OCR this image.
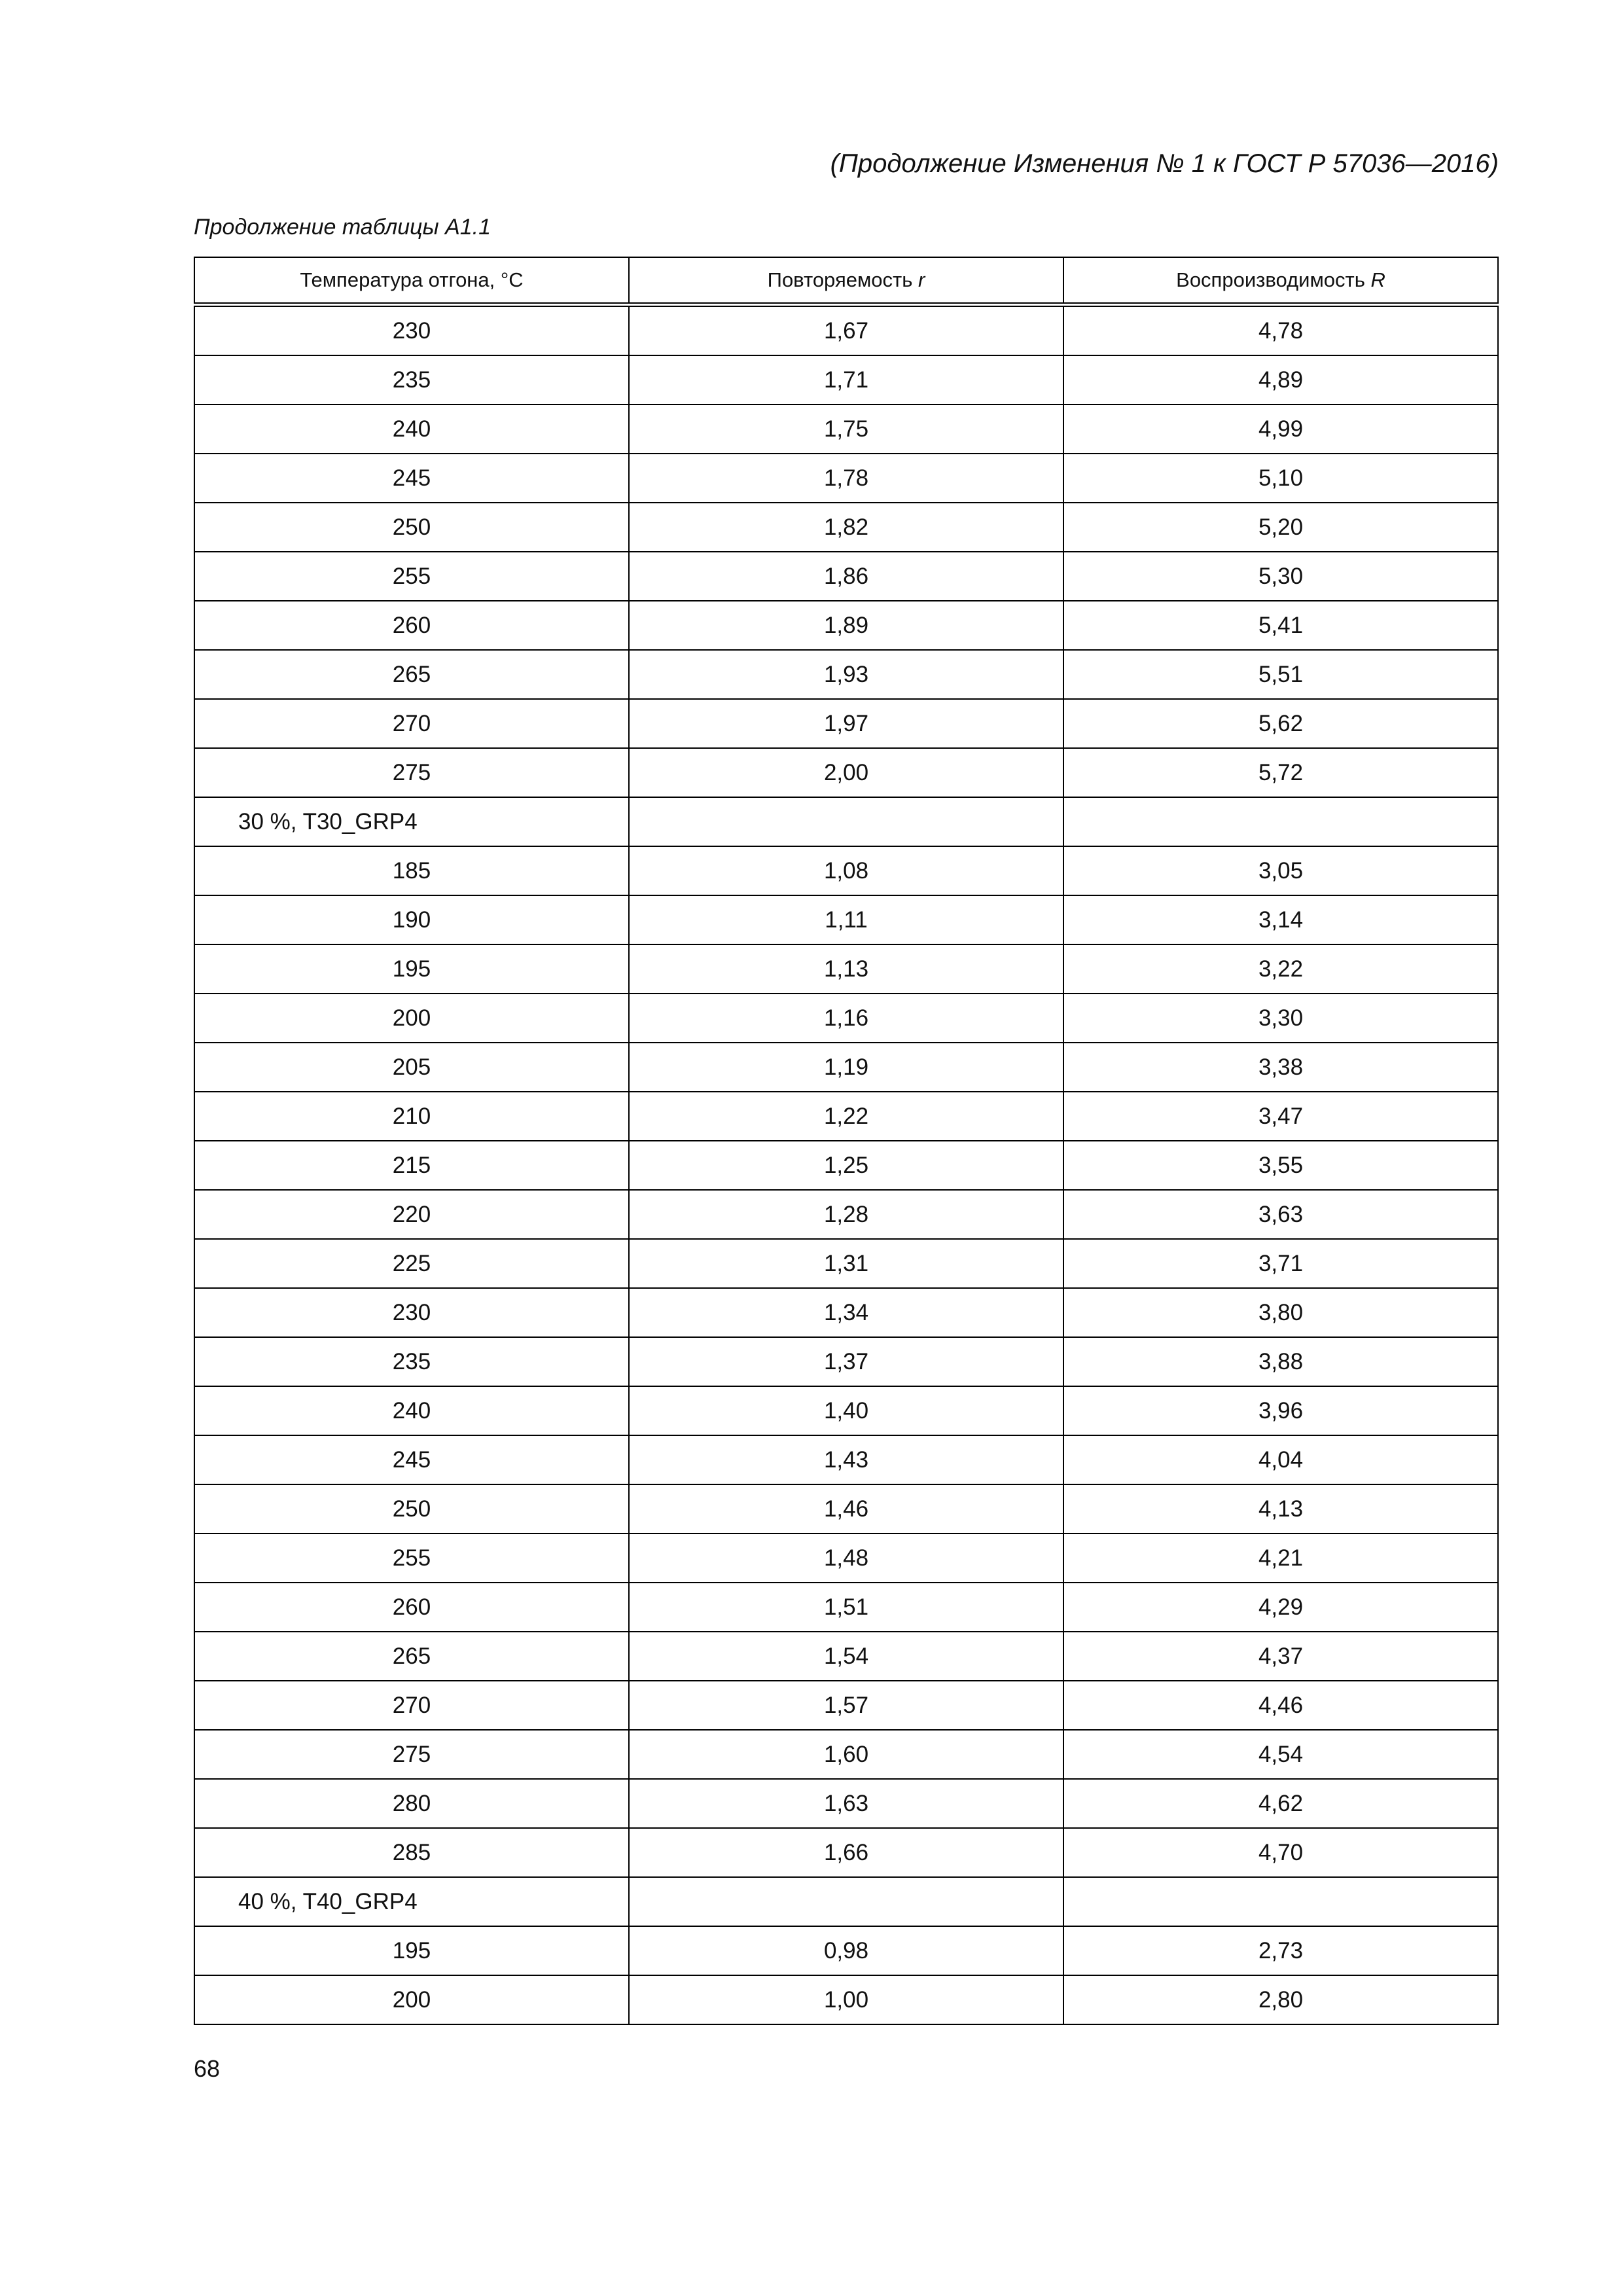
(Продолжение Изменения № 1 к ГОСТ Р 57036—2016)
Продолжение таблицы А1.1
Температура отгона, °С	Повторяемость r	Воспроизводимость R
230	1,67	4,78
235	1,71	4,89
240	1,75	4,99
245	1,78	5,10
250	1,82	5,20
255	1,86	5,30
260	1,89	5,41
265	1,93	5,51
270	1,97	5,62
275	2,00	5,72
30 %, T30_GRP4		
185	1,08	3,05
190	1,11	3,14
195	1,13	3,22
200	1,16	3,30
205	1,19	3,38
210	1,22	3,47
215	1,25	3,55
220	1,28	3,63
225	1,31	3,71
230	1,34	3,80
235	1,37	3,88
240	1,40	3,96
245	1,43	4,04
250	1,46	4,13
255	1,48	4,21
260	1,51	4,29
265	1,54	4,37
270	1,57	4,46
275	1,60	4,54
280	1,63	4,62
285	1,66	4,70
40 %, T40_GRP4		
195	0,98	2,73
200	1,00	2,80
68
